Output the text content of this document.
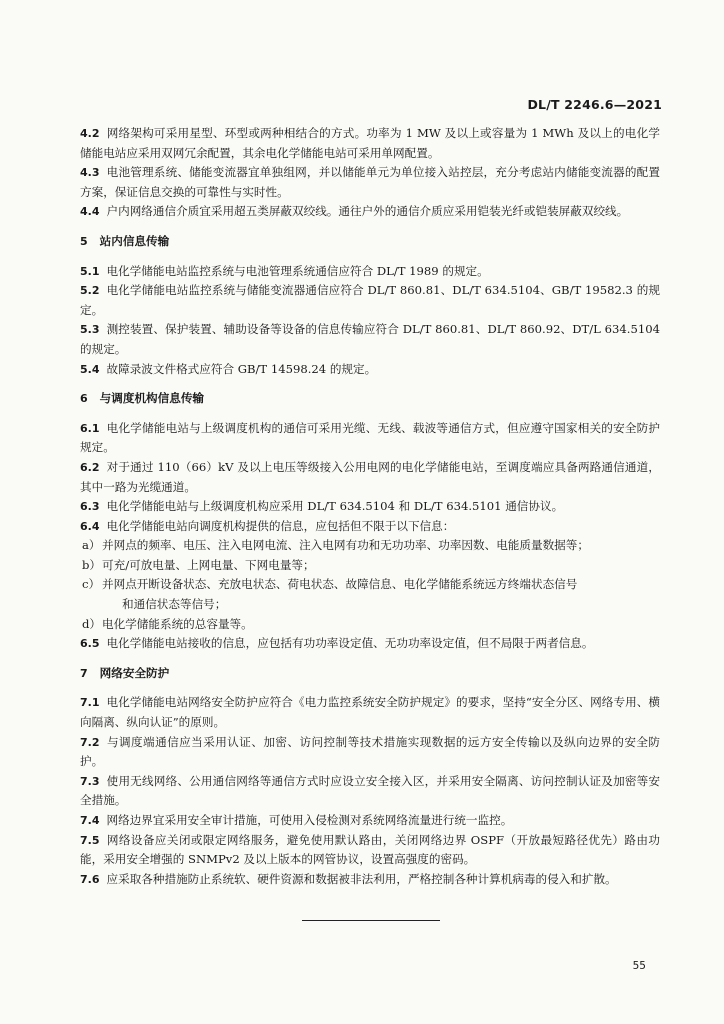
DL/T 2246.6—2021

4.2 网络架构可采用星型、环型或两种相结合的方式。功率为 1 MW 及以上或容量为 1 MWh 及以上的电化学储能电站应采用双网冗余配置，其余电化学储能电站可采用单网配置。

4.3 电池管理系统、储能变流器宜单独组网，并以储能单元为单位接入站控层，充分考虑站内储能变流器的配置方案，保证信息交换的可靠性与实时性。

4.4 户内网络通信介质宜采用超五类屏蔽双绞线。通往户外的通信介质应采用铠装光纤或铠装屏蔽双绞线。

5 站内信息传输

5.1 电化学储能电站监控系统与电池管理系统通信应符合 DL/T 1989 的规定。

5.2 电化学储能电站监控系统与储能变流器通信应符合 DL/T 860.81、DL/T 634.5104、GB/T 19582.3 的规定。

5.3 测控装置、保护装置、辅助设备等设备的信息传输应符合 DL/T 860.81、DL/T 860.92、DT/L 634.5104 的规定。

5.4 故障录波文件格式应符合 GB/T 14598.24 的规定。

6 与调度机构信息传输

6.1 电化学储能电站与上级调度机构的通信可采用光缆、无线、载波等通信方式，但应遵守国家相关的安全防护规定。

6.2 对于通过 110（66）kV 及以上电压等级接入公用电网的电化学储能电站，至调度端应具备两路通信通道，其中一路为光缆通道。

6.3 电化学储能电站与上级调度机构应采用 DL/T 634.5104 和 DL/T 634.5101 通信协议。

6.4 电化学储能电站向调度机构提供的信息，应包括但不限于以下信息：

a）并网点的频率、电压、注入电网电流、注入电网有功和无功功率、功率因数、电能质量数据等；

b）可充/可放电量、上网电量、下网电量等；

c） 并网点开断设备状态、充放电状态、荷电状态、故障信息、电化学储能系统远方终端状态信号
和通信状态等信号；

d）电化学储能系统的总容量等。

6.5 电化学储能电站接收的信息，应包括有功功率设定值、无功功率设定值，但不局限于两者信息。

7 网络安全防护

7.1 电化学储能电站网络安全防护应符合《电力监控系统安全防护规定》的要求，坚持“安全分区、网络专用、横向隔离、纵向认证”的原则。

7.2 与调度端通信应当采用认证、加密、访问控制等技术措施实现数据的远方安全传输以及纵向边界的安全防护。

7.3 使用无线网络、公用通信网络等通信方式时应设立安全接入区，并采用安全隔离、访问控制认证及加密等安全措施。

7.4 网络边界宜采用安全审计措施，可使用入侵检测对系统网络流量进行统一监控。

7.5 网络设备应关闭或限定网络服务，避免使用默认路由，关闭网络边界 OSPF（开放最短路径优先）路由功能，采用安全增强的 SNMPv2 及以上版本的网管协议，设置高强度的密码。

7.6 应采取各种措施防止系统软、硬件资源和数据被非法利用，严格控制各种计算机病毒的侵入和扩散。

55
